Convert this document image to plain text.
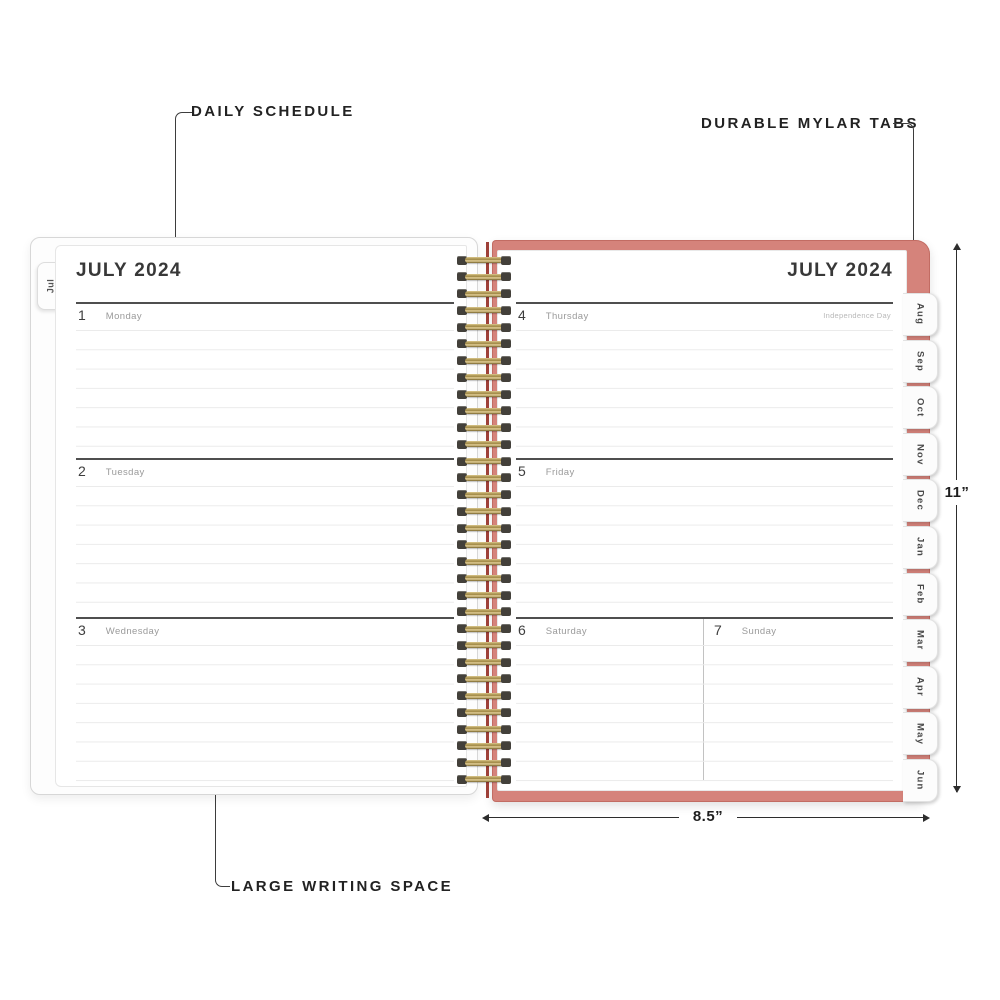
DAILY SCHEDULE
DURABLE MYLAR TABS
LARGE WRITING SPACE
8.5”
11”
Jul
JULY 2024
1 Monday
2 Tuesday
3 Wednesday
JULY 2024
4 Thursday	Independence Day
5 Friday
6 Saturday	7 Sunday
Aug
Sep
Oct
Nov
Dec
Jan
Feb
Mar
Apr
May
Jun
